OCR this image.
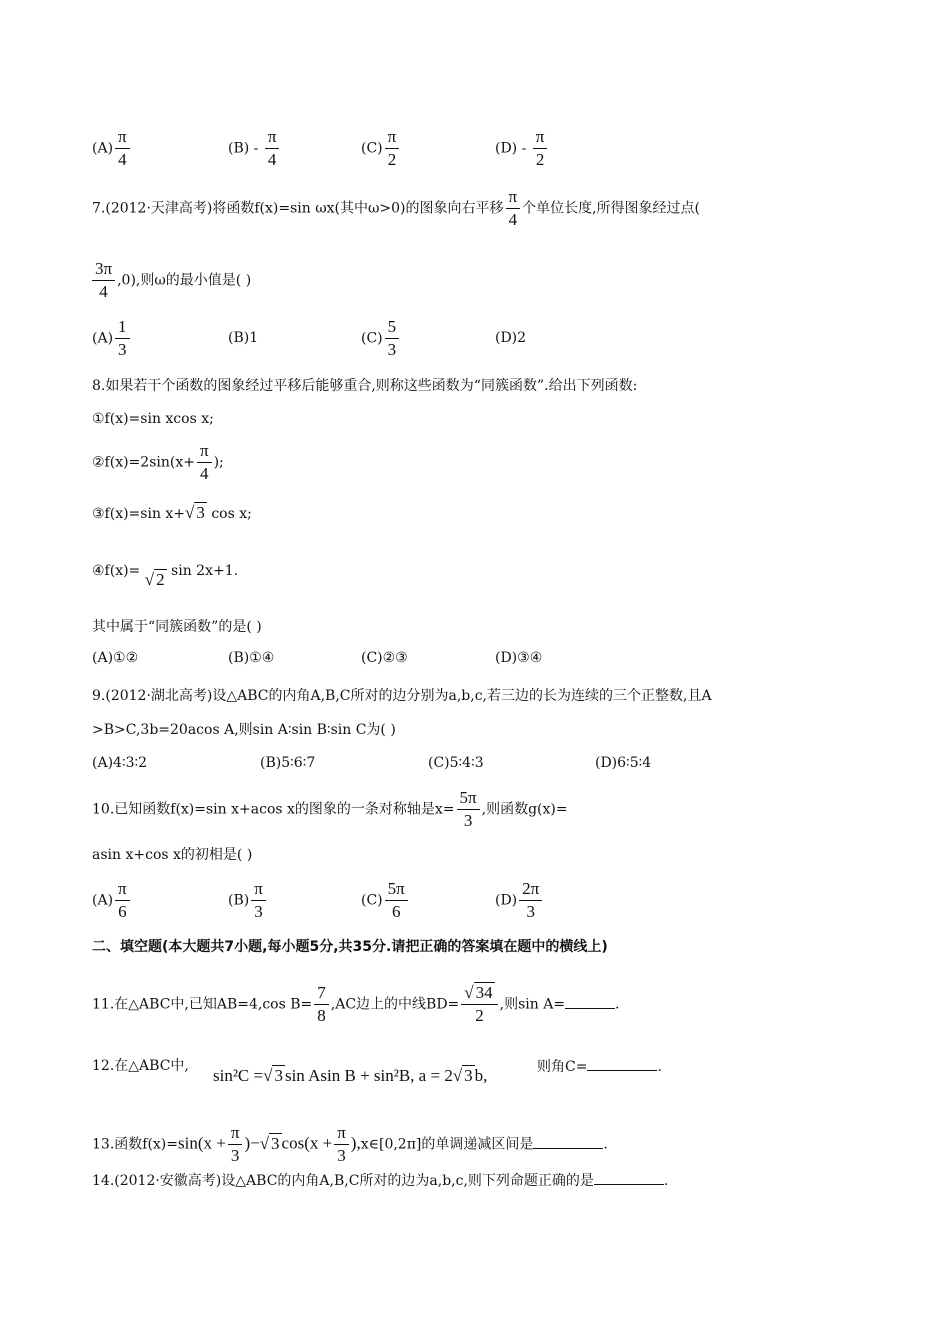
$(A) \frac{\pi}{4}$	$(B) - \frac{\pi}{4}$	$(C) \frac{\pi}{2}$	$(D) - \frac{\pi}{2}$
7.(2012·天津高考)将函数f(x)=sin ωx(其中ω>0)的图象向右平移 $\frac{\pi}{4}$ 个单位长度,所得图象经过点(
$\frac{3\pi}{4} ,0$),则ω的最小值是( )
$(A) \frac{1}{3}$	(B)1	$(C) \frac{5}{3}$	(D)2
8.如果若干个函数的图象经过平移后能够重合,则称这些函数为“同簇函数”.给出下列函数:
①f(x)=sin xcos x;
②f(x)=2sin(x+ $\frac{\pi}{4}$ );
③f(x)=sin x+√ 3 cos x;
④f(x)= √ 2 sin 2x+1.
其中属于“同簇函数”的是( )
(A)①②	(B)①④	(C)②③	(D)③④
9.(2012·湖北高考)设△ABC的内角A,B,C所对的边分别为a,b,c,若三边的长为连续的三个正整数,且A
>B>C,3b=20acos A,则sin A∶sin B∶sin C为( )
(A)4∶3∶2	(B)5∶6∶7	(C)5∶4∶3	(D)6∶5∶4
10.已知函数f(x)=sin x+acos x的图象的一条对称轴是$x= \frac{5\pi}{3}$ ,则函数g(x)=
asin x+cos x的初相是( )
$(A) \frac{\pi}{6}$	$(B) \frac{\pi}{3}$	$(C) \frac{5\pi}{6}$	$(D) \frac{2\pi}{3}$
二、填空题(本大题共7小题,每小题5分,共35分.请把正确的答案填在题中的横线上)
11.在△ABC中,已知AB=4,cos $B= \frac{7}{8} ,AC$边上的中线$BD= \frac{√ 34}{2}$ ,则sin A=	.
12.在△ABC中, sin²C =√ 3 sin Asin B + sin²B, a = 2√ 3 b,	则角C=	.
13.函数$f(x)=\sin(x + \frac{\pi}{3}$ )−√ 3 $\cos(x + \frac{\pi}{3}$ ),x∈[0,2π]的单调递减区间是	.
14.(2012·安徽高考)设△ABC的内角A,B,C所对的边为a,b,c,则下列命题正确的是	.
